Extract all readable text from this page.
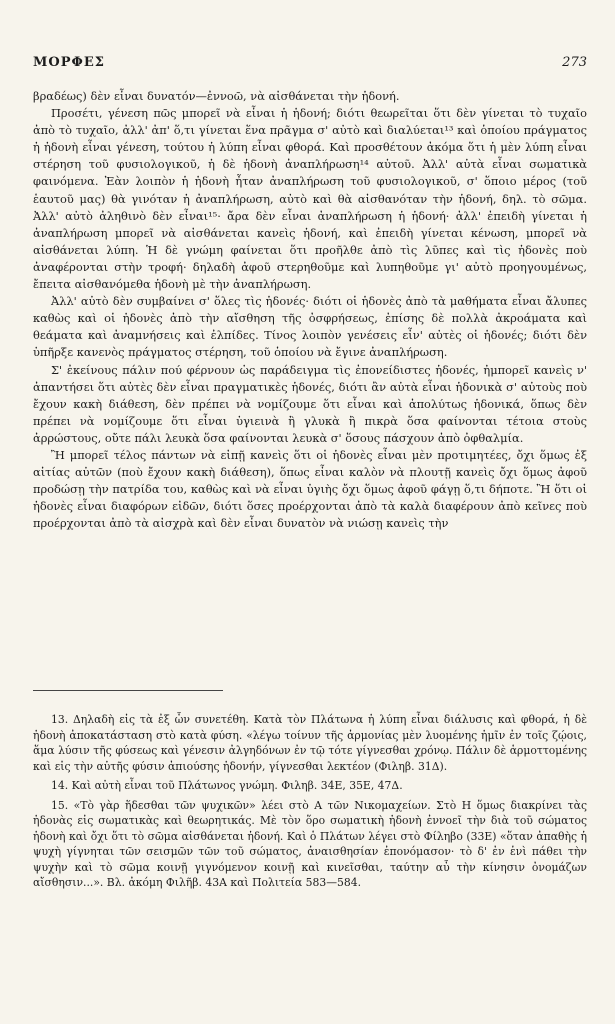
ΜΟΡΦΕΣ	273

βραδέως) δὲν εἶναι δυνατόν—ἐννοῶ, νὰ αἰσθάνεται τὴν ἡδονή.

Προσέτι, γένεση πῶς μπορεῖ νὰ εἶναι ἡ ἡδονή; διότι θεωρεῖται ὅτι δὲν γίνεται τὸ τυχαῖο ἀπὸ τὸ τυχαῖο, ἀλλ' ἀπ' ὅ,τι γίνεται ἕνα πρᾶγμα σ' αὐτὸ καὶ διαλύεται¹³ καὶ ὁποίου πράγματος ἡ ἡδονὴ εἶναι γένεση, τούτου ἡ λύπη εἶναι φθορά. Καὶ προσθέτουν ἀκόμα ὅτι ἡ μὲν λύπη εἶναι στέρηση τοῦ φυσιολογικοῦ, ἡ δὲ ἡδονὴ ἀναπλήρωση¹⁴ αὐτοῦ. Ἀλλ' αὐτὰ εἶναι σωματικὰ φαινόμενα. Ἐὰν λοιπὸν ἡ ἡδονὴ ἦταν ἀναπλήρωση τοῦ φυσιολογικοῦ, σ' ὅποιο μέρος (τοῦ ἑαυτοῦ μας) θὰ γινόταν ἡ ἀναπλήρωση, αὐτὸ καὶ θὰ αἰσθανόταν τὴν ἡδονή, δηλ. τὸ σῶμα. Ἀλλ' αὐτὸ ἀληθινὸ δὲν εἶναι¹⁵· ἄρα δὲν εἶναι ἀναπλήρωση ἡ ἡδονή· ἀλλ' ἐπειδὴ γίνεται ἡ ἀναπλήρωση μπορεῖ νὰ αἰσθάνεται κανεὶς ἡδονή, καὶ ἐπειδὴ γίνεται κένωση, μπορεῖ νὰ αἰσθάνεται λύπη. Ἡ δὲ γνώμη φαίνεται ὅτι προῆλθε ἀπὸ τὶς λῦπες καὶ τὶς ἡδονὲς ποὺ ἀναφέρονται στὴν τροφή· δηλαδὴ ἀφοῦ στερηθοῦμε καὶ λυπηθοῦμε γι' αὐτὸ προηγουμένως, ἔπειτα αἰσθανόμεθα ἡδονὴ μὲ τὴν ἀναπλήρωση.

Ἀλλ' αὐτὸ δὲν συμβαίνει σ' ὅλες τὶς ἡδονές· διότι οἱ ἡδονὲς ἀπὸ τὰ μαθήματα εἶναι ἄλυπες καθὼς καὶ οἱ ἡδονὲς ἀπὸ τὴν αἴσθηση τῆς ὀσφρήσεως, ἐπίσης δὲ πολλὰ ἀκροάματα καὶ θεάματα καὶ ἀναμνήσεις καὶ ἐλπίδες. Τίνος λοιπὸν γενέσεις εἶν' αὐτὲς οἱ ἡδονές; διότι δὲν ὑπῆρξε κανενὸς πράγματος στέρηση, τοῦ ὁποίου νὰ ἔγινε ἀναπλήρωση.

Σ' ἐκείνους πάλιν πού φέρνουν ὡς παράδειγμα τὶς ἐπονείδιστες ἡδονές, ἠμπορεῖ κανεὶς ν' ἀπαντήσει ὅτι αὐτὲς δὲν εἶναι πραγματικὲς ἡδονές, διότι ἂν αὐτὰ εἶναι ἡδονικὰ σ' αὐτοὺς ποὺ ἔχουν κακὴ διάθεση, δὲν πρέπει νὰ νομίζουμε ὅτι εἶναι καὶ ἀπολύτως ἡδονικά, ὅπως δὲν πρέπει νὰ νομίζουμε ὅτι εἶναι ὑγιεινὰ ἢ γλυκὰ ἢ πικρὰ ὅσα φαίνονται τέτοια στοὺς ἀρρώστους, οὔτε πάλι λευκὰ ὅσα φαίνονται λευκὰ σ' ὅσους πάσχουν ἀπὸ ὀφθαλμία.

Ἢ μπορεῖ τέλος πάντων νὰ εἰπῇ κανεὶς ὅτι οἱ ἡδονὲς εἶναι μὲν προτιμητέες, ὄχι ὅμως ἐξ αἰτίας αὐτῶν (ποὺ ἔχουν κακὴ διάθεση), ὅπως εἶναι καλὸν νὰ πλουτῇ κανεὶς ὄχι ὅμως ἀφοῦ προδώσῃ τὴν πατρίδα του, καθὼς καὶ νὰ εἶναι ὑγιὴς ὄχι ὅμως ἀφοῦ φάγῃ ὅ,τι δήποτε. Ἢ ὅτι οἱ ἡδονὲς εἶναι διαφόρων εἰδῶν, διότι ὅσες προέρχονται ἀπὸ τὰ καλὰ διαφέρουν ἀπὸ κεῖνες ποὺ προέρχονται ἀπὸ τὰ αἰσχρὰ καὶ δὲν εἶναι δυνατὸν νὰ νιώσῃ κανεὶς τὴν

13. Δηλαδὴ εἰς τὰ ἐξ ὧν συνετέθη. Κατὰ τὸν Πλάτωνα ἡ λύπη εἶναι διάλυσις καὶ φθορά, ἡ δὲ ἡδονὴ ἀποκατάσταση στὸ κατὰ φύση. «λέγω τοίνυν τῆς ἁρμονίας μὲν λυομένης ἡμῖν ἐν τοῖς ζῴοις, ἅμα λύσιν τῆς φύσεως καὶ γένεσιν ἀλγηδόνων ἐν τῷ τότε γίγνεσθαι χρόνῳ. Πάλιν δὲ ἁρμοττομένης καὶ εἰς τὴν αὐτῆς φύσιν ἀπιούσης ἡδονήν, γίγνεσθαι λεκτέον (Φιληβ. 31Δ).

14. Καὶ αὐτὴ εἶναι τοῦ Πλάτωνος γνώμη. Φιληβ. 34Ε, 35Ε, 47Δ.

15. «Τὸ γὰρ ἥδεσθαι τῶν ψυχικῶν» λέει στὸ Α τῶν Νικομαχείων. Στὸ Η ὅμως διακρίνει τὰς ἡδονὰς εἰς σωματικὰς καὶ θεωρητικάς. Μὲ τὸν ὅρο σωματικὴ ἡδονὴ ἐννοεῖ τὴν διὰ τοῦ σώματος ἡδονὴ καὶ ὄχι ὅτι τὸ σῶμα αἰσθάνεται ἡδονή. Καὶ ὁ Πλάτων λέγει στὸ Φίληβο (33Ε) «ὅταν ἀπαθὴς ἡ ψυχὴ γίγνηται τῶν σεισμῶν τῶν τοῦ σώματος, ἀναισθησίαν ἐπονόμασον· τὸ δ' ἐν ἑνὶ πάθει τὴν ψυχὴν καὶ τὸ σῶμα κοινῇ γιγνόμενον κοινῇ καὶ κινεῖσθαι, ταύτην αὖ τὴν κίνησιν ὀνομάζων αἴσθησιν...». Βλ. ἀκόμη Φιλῆβ. 43Α καὶ Πολιτεία 583—584.
